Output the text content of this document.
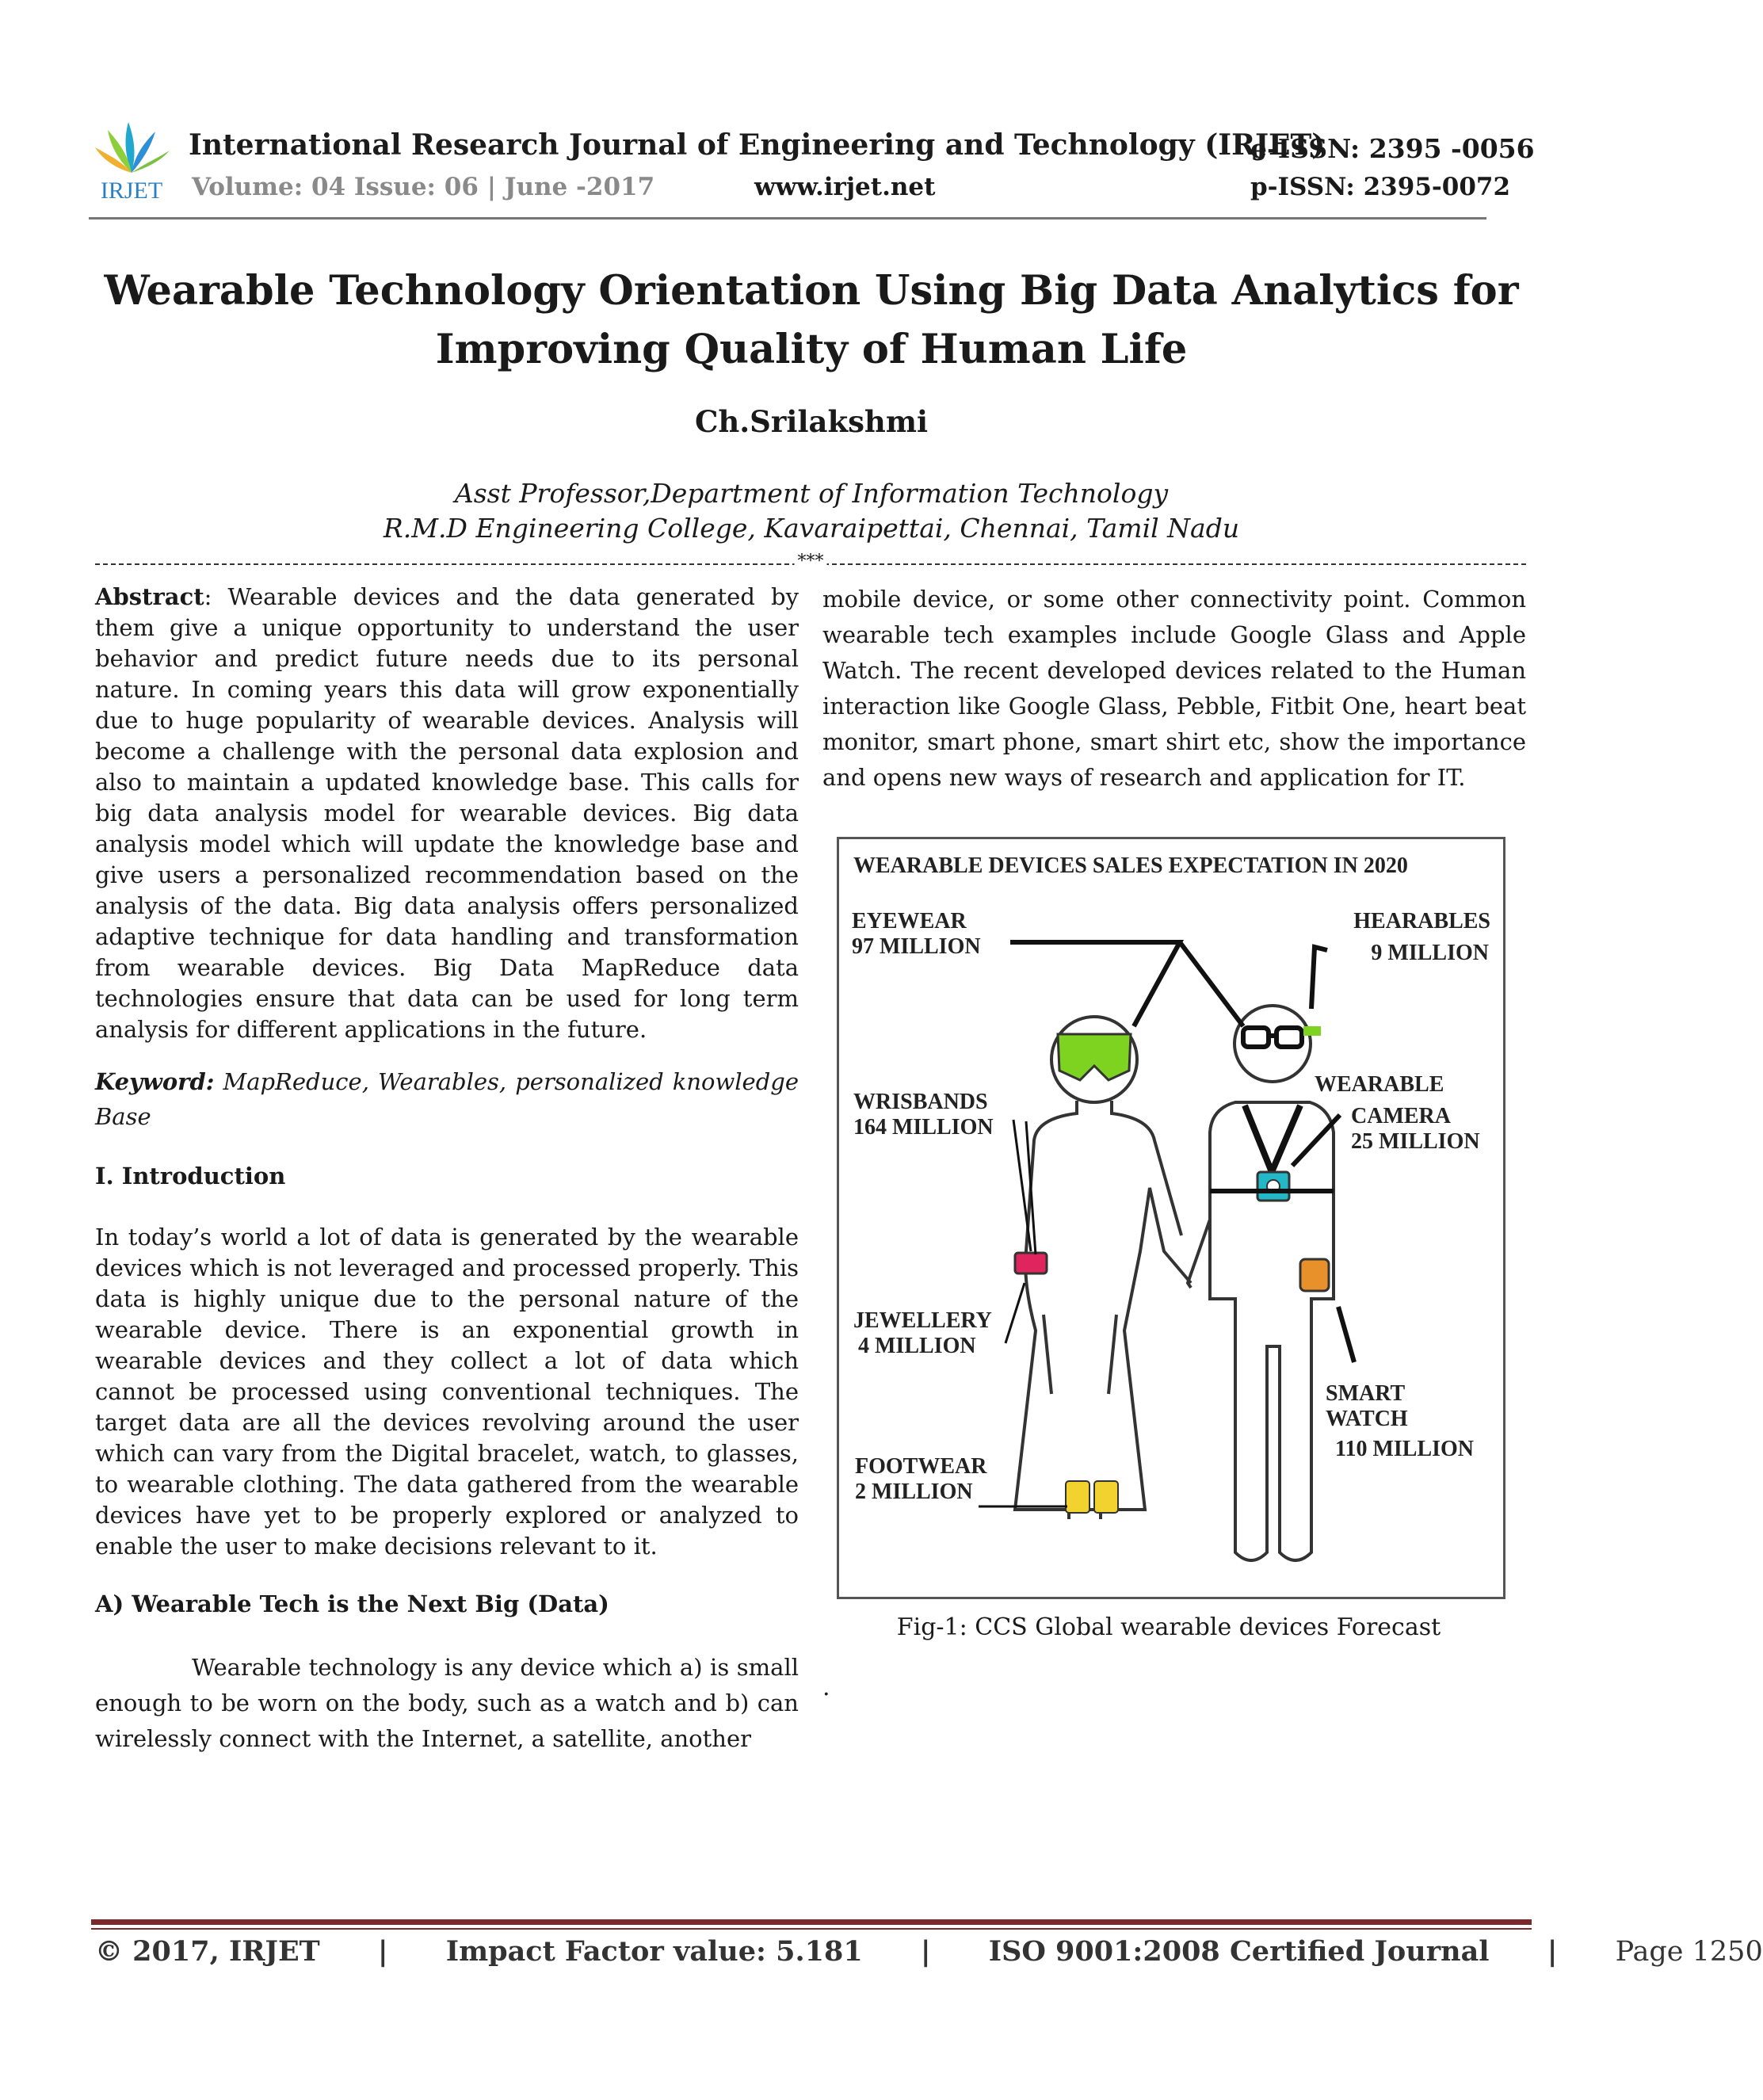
IRJET
International Research Journal of Engineering and Technology (IRJET)
e-ISSN: 2395 -0056
Volume: 04 Issue: 06 | June -2017	www.irjet.net	p-ISSN: 2395-0072
Wearable Technology Orientation Using Big Data Analytics for Improving Quality of Human Life
Ch.Srilakshmi
Asst Professor,Department of Information Technology
R.M.D Engineering College, Kavaraipettai, Chennai, Tamil Nadu
***

Abstract: Wearable devices and the data generated by them give a unique opportunity to understand the user behavior and predict future needs due to its personal nature. In coming years this data will grow exponentially due to huge popularity of wearable devices. Analysis will become a challenge with the personal data explosion and also to maintain a updated knowledge base. This calls for big data analysis model for wearable devices. Big data analysis model which will update the knowledge base and give users a personalized recommendation based on the analysis of the data. Big data analysis offers personalized adaptive technique for data handling and transformation from wearable devices. Big Data MapReduce data technologies ensure that data can be used for long term analysis for different applications in the future.

Keyword: MapReduce, Wearables, personalized knowledge Base

I. Introduction

In today’s world a lot of data is generated by the wearable devices which is not leveraged and processed properly. This data is highly unique due to the personal nature of the wearable device. There is an exponential growth in wearable devices and they collect a lot of data which cannot be processed using conventional techniques. The target data are all the devices revolving around the user which can vary from the Digital bracelet, watch, to glasses, to wearable clothing. The data gathered from the wearable devices have yet to be properly explored or analyzed to enable the user to make decisions relevant to it.

A) Wearable Tech is the Next Big (Data)

Wearable technology is any device which a) is small enough to be worn on the body, such as a watch and b) can wirelessly connect with the Internet, a satellite, another

mobile device, or some other connectivity point. Common wearable tech examples include Google Glass and Apple Watch. The recent developed devices related to the Human interaction like Google Glass, Pebble, Fitbit One, heart beat monitor, smart phone, smart shirt etc, show the importance and opens new ways of research and application for IT.

WEARABLE DEVICES SALES EXPECTATION IN 2020
EYEWEAR
97 MILLION
HEARABLES
9 MILLION
WRISBANDS
164 MILLION
WEARABLE
CAMERA
25 MILLION
JEWELLERY
4 MILLION
SMART
WATCH
110 MILLION
FOOTWEAR
2 MILLION
Fig-1: CCS Global wearable devices Forecast
.
© 2017, IRJET | Impact Factor value: 5.181 | ISO 9001:2008 Certified Journal | Page 1250
